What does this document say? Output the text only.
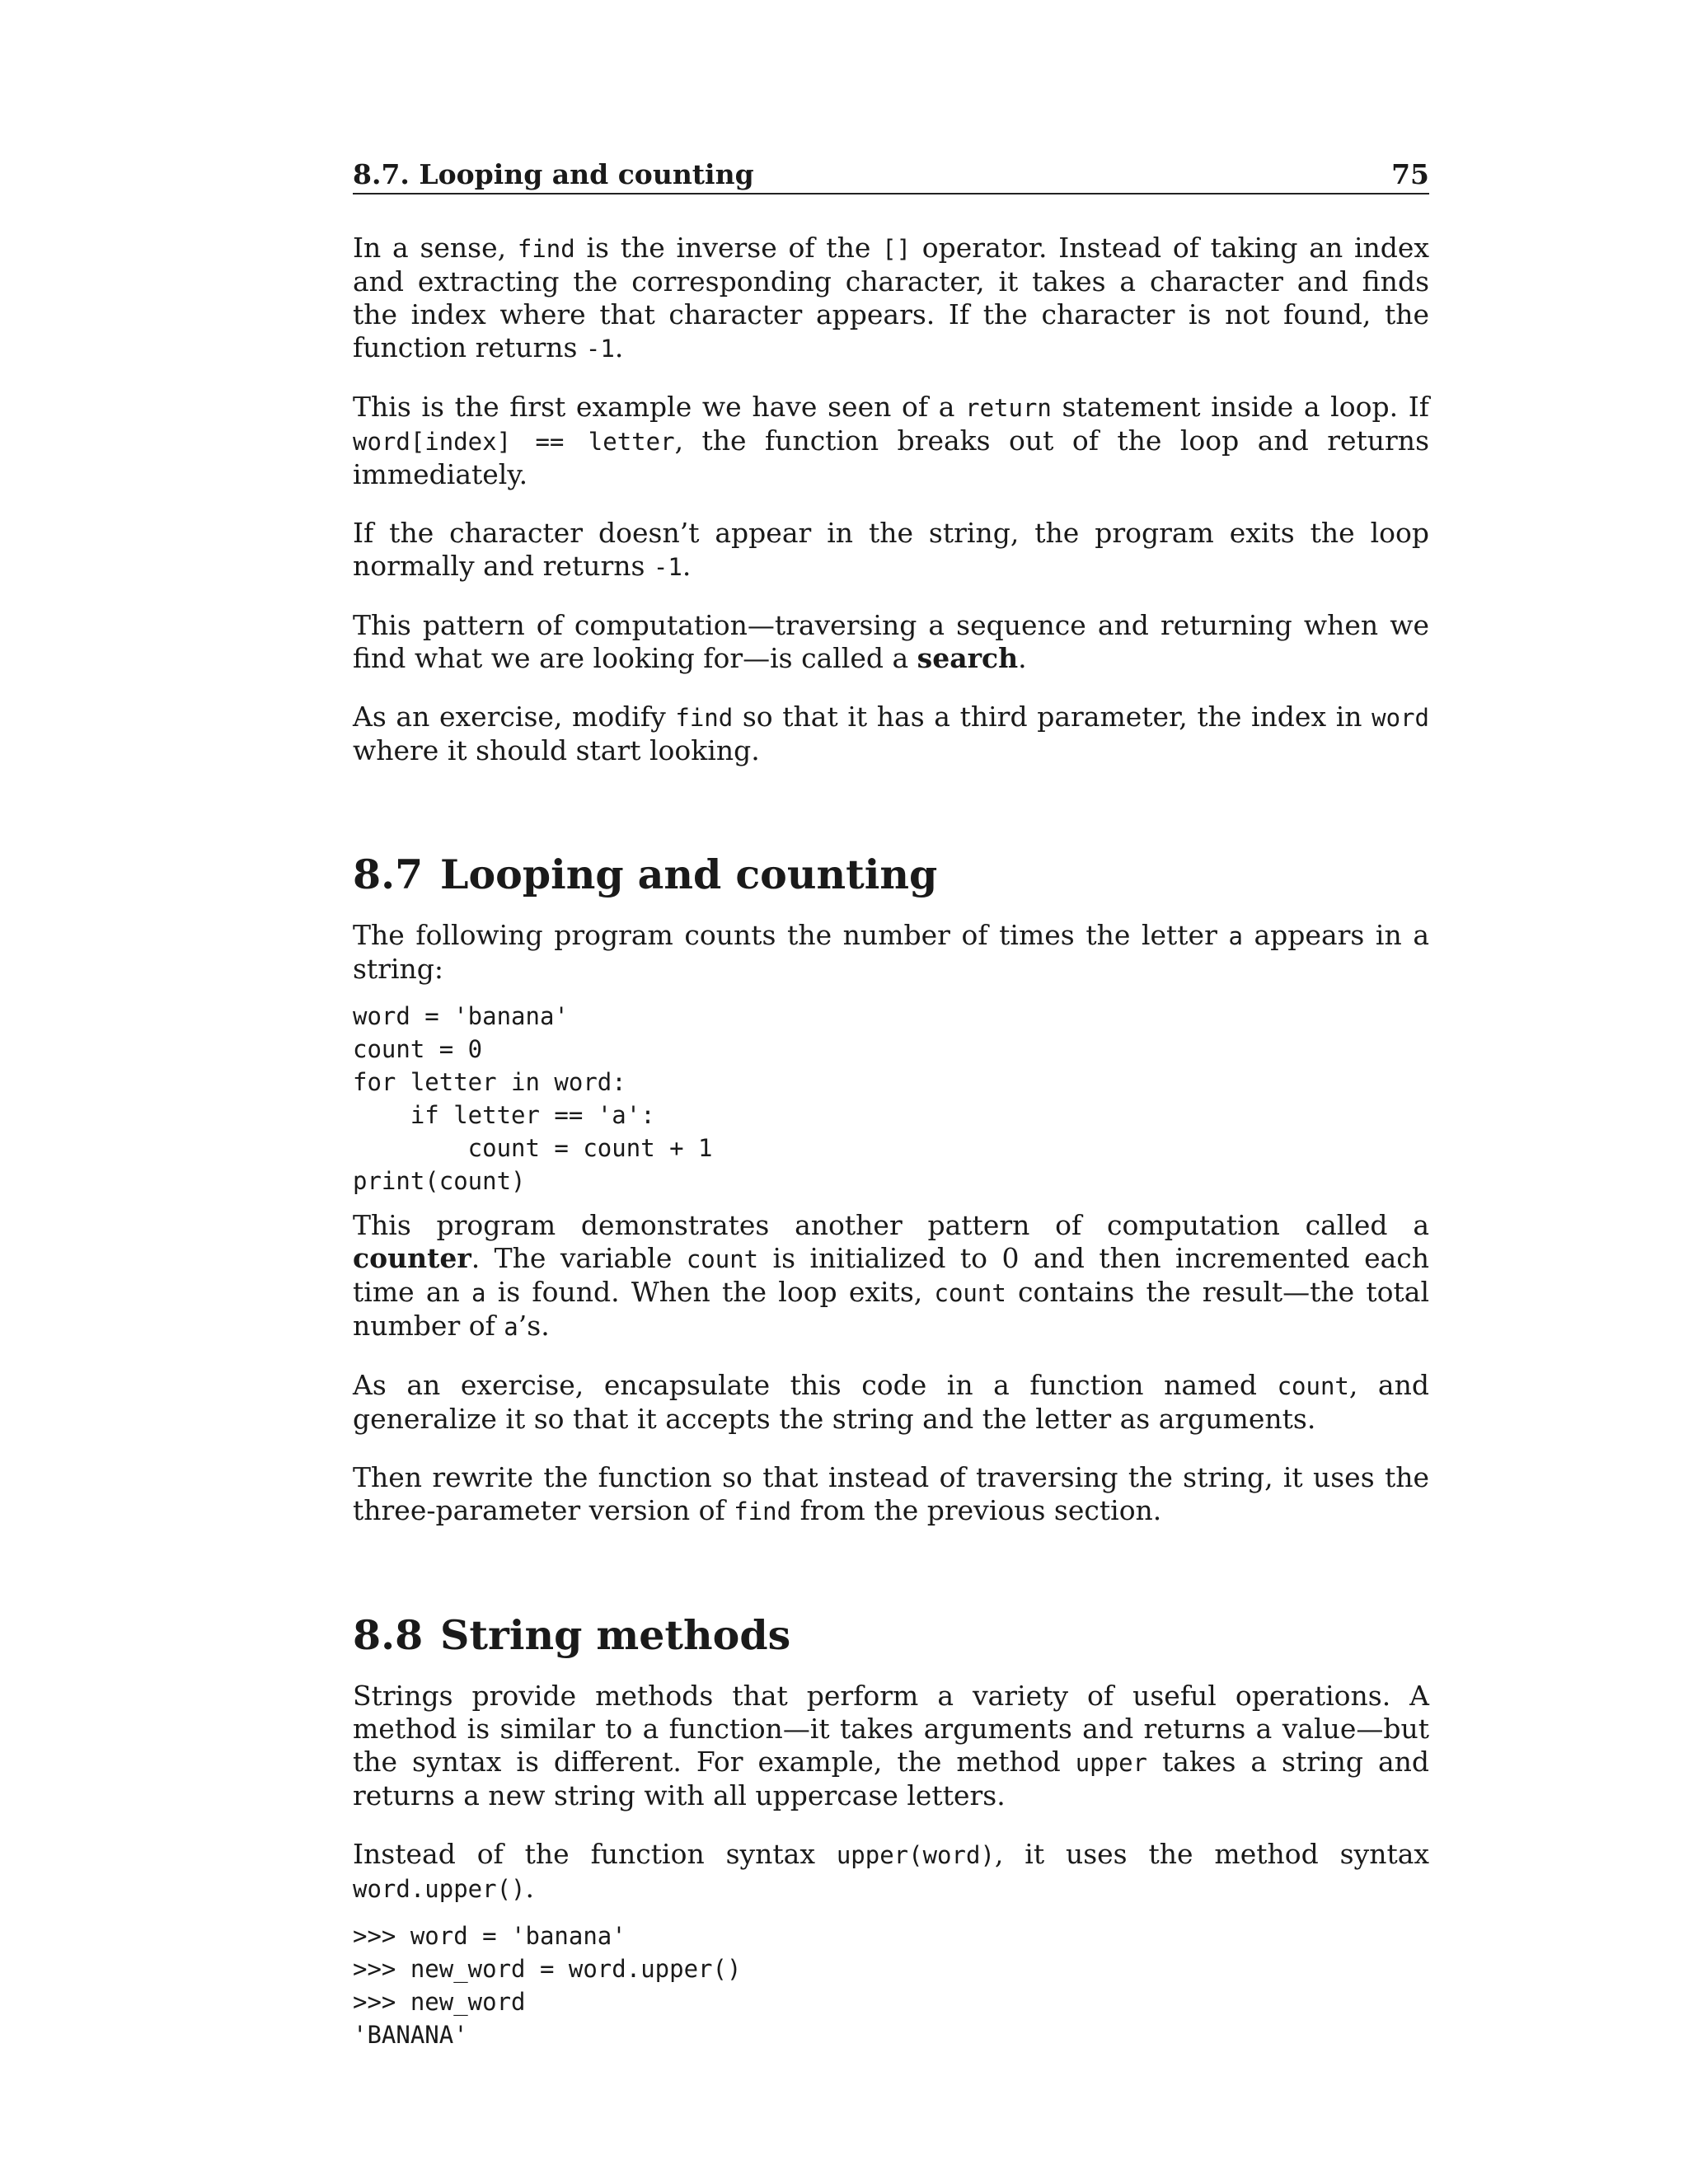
8.7. Looping and counting	75

In a sense, find is the inverse of the [] operator. Instead of taking an index and extracting the corresponding character, it takes a character and finds the index where that character appears. If the character is not found, the function returns -1.

This is the first example we have seen of a return statement inside a loop. If word[index] == letter, the function breaks out of the loop and returns immediately.

If the character doesn’t appear in the string, the program exits the loop normally and returns -1.

This pattern of computation—traversing a sequence and returning when we find what we are looking for—is called a search.

As an exercise, modify find so that it has a third parameter, the index in word where it should start looking.

8.7 Looping and counting

The following program counts the number of times the letter a appears in a string:

word = 'banana'
count = 0
for letter in word:
if letter == 'a':
count = count + 1
print(count)

This program demonstrates another pattern of computation called a counter. The variable count is initialized to 0 and then incremented each time an a is found. When the loop exits, count contains the result—the total number of a’s.

As an exercise, encapsulate this code in a function named count, and generalize it so that it accepts the string and the letter as arguments.

Then rewrite the function so that instead of traversing the string, it uses the three-parameter version of find from the previous section.

8.8 String methods

Strings provide methods that perform a variety of useful operations. A method is similar to a function—it takes arguments and returns a value—but the syntax is different. For example, the method upper takes a string and returns a new string with all uppercase letters.

Instead of the function syntax upper(word), it uses the method syntax word.upper().

>>> word = 'banana'
>>> new_word = word.upper()
>>> new_word
'BANANA'
